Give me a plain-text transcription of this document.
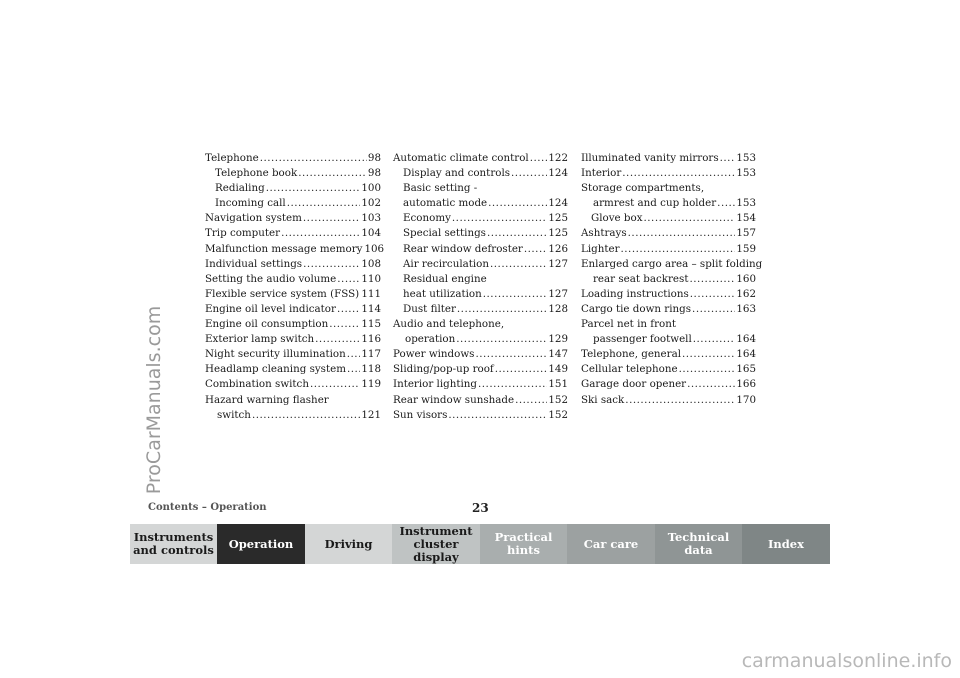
ProCarManuals.com
Telephone .....	98
Telephone book .....	98
Redialing .....	100
Incoming call .....	102
Navigation system .....	103
Trip computer .....	104
Malfunction message memory 106
Individual settings .....	108
Setting the audio volume ..... 110
Flexible service system (FSS) ..... 111
Engine oil level indicator ..... 114
Engine oil consumption .....	115
Exterior lamp switch .....	116
Night security illumination ..... 117
Headlamp cleaning system ..... 118
Combination switch .....	119
Hazard warning flasher
switch .....	121
Automatic climate control ..... 122
Display and controls .....	124
Basic setting -
automatic mode .....	124
Economy .....	125
Special settings .....	125
Rear window defroster ..... 126
Air recirculation .....	127
Residual engine
heat utilization .....	127
Dust filter .....	128
Audio and telephone,
operation .....	129
Power windows .....	147
Sliding/pop-up roof .....	149
Interior lighting .....	151
Rear window sunshade .....	152
Sun visors .....	152
Illuminated vanity mirrors ..... 153
Interior .....	153
Storage compartments,
armrest and cup holder ..... 153
Glove box .....	154
Ashtrays .....	157
Lighter .....	159
Enlarged cargo area – split folding
rear seat backrest .....	160
Loading instructions .....	162
Cargo tie down rings .....	163
Parcel net in front
passenger footwell .....	164
Telephone, general .....	164
Cellular telephone .....	165
Garage door opener .....	166
Ski sack .....	170
Contents – Operation	23
Instruments
and controls Operation	Driving
Instrument
cluster display
Practical hints	Car care	Technical
data	Index
carmanualsonline.info
